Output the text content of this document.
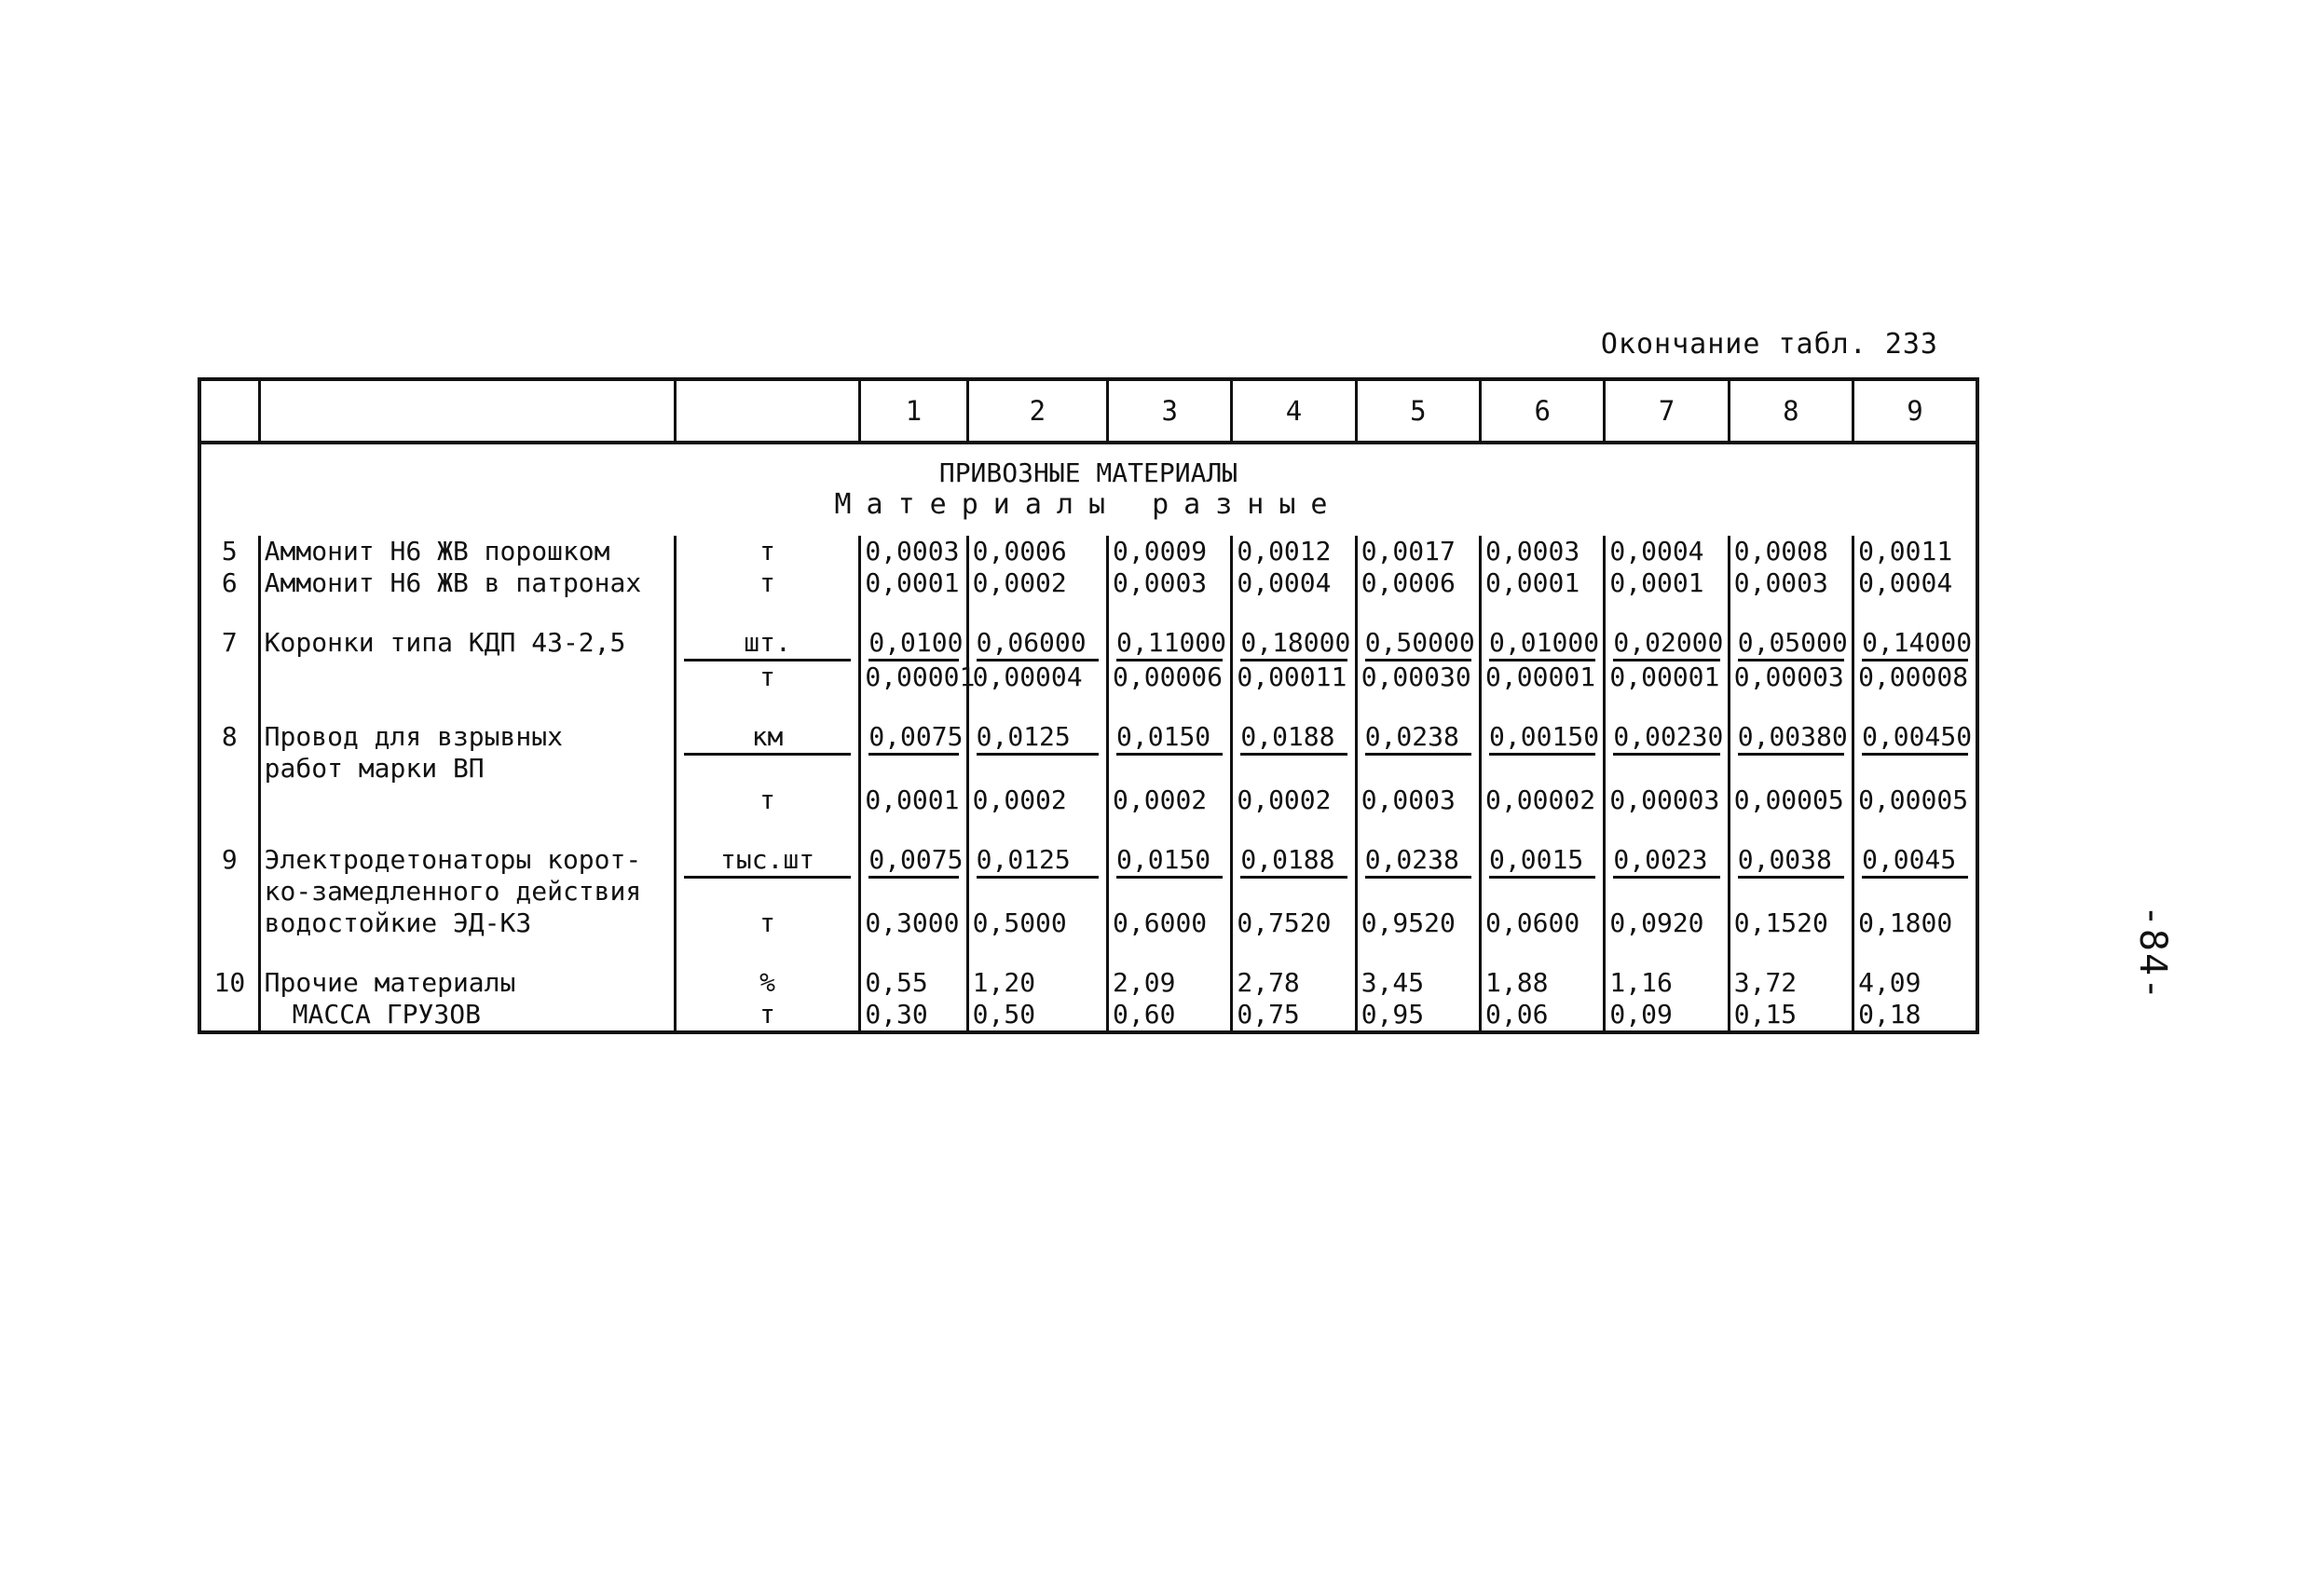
Окончание табл. 233
-84-
			1	2	3	4	5	6	7	8	9

ПРИВОЗНЫЕ МАТЕРИАЛЫ
Материалы разные											

5	Аммонит Н6 ЖВ порошком	т	0,0003	0,0006	0,0009	0,0012	0,0017	0,0003	0,0004	0,0008	0,0011
6	Аммонит Н6 ЖВ в патронах	т	0,0001	0,0002	0,0003	0,0004	0,0006	0,0001	0,0001	0,0003	0,0004

7	Коронки типа КДП 43-2,5	шт.	0,0100	0,06000	0,11000	0,18000	0,50000	0,01000	0,02000	0,05000	0,14000

	т	0,00001	0,00004	0,00006	0,00011	0,00030	0,00001	0,00001	0,00003	0,00008

8	Провод для взрывных
работ марки ВП	км	0,0075	0,0125	0,0150	0,0188	0,0238	0,00150	0,00230	0,00380	0,00450

	т	0,0001	0,0002	0,0002	0,0002	0,0003	0,00002	0,00003	0,00005	0,00005

9	Электродетонаторы корот-
ко-замедленного действия	тыс.шт	0,0075	0,0125	0,0150	0,0188	0,0238	0,0015	0,0023	0,0038	0,0045

	водостойкие ЭД-КЗ	т	0,3000	0,5000	0,6000	0,7520	0,9520	0,0600	0,0920	0,1520	0,1800

10	Прочие материалы	%	0,55	1,20	2,09	2,78	3,45	1,88	1,16	3,72	4,09

	МАССА ГРУЗОВ	т	0,30	0,50	0,60	0,75	0,95	0,06	0,09	0,15	0,18
